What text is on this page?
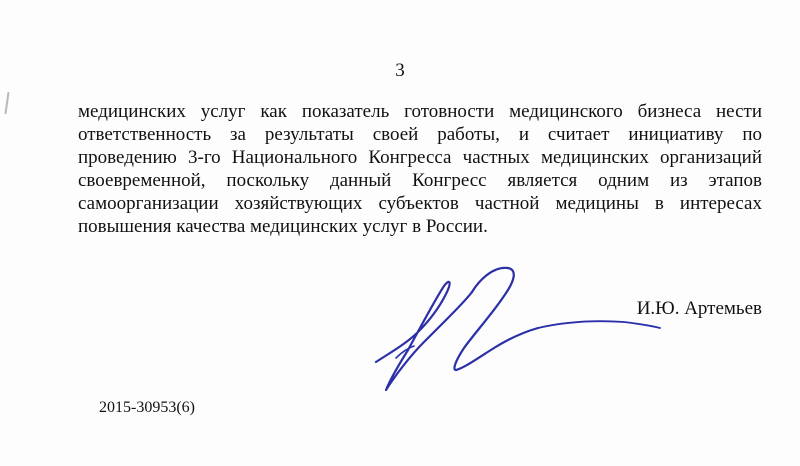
3
медицинских услуг как показатель готовности медицинского бизнеса нести
ответственность за результаты своей работы, и считает инициативу по
проведению 3-го Национального Конгресса частных медицинских организаций
своевременной, поскольку данный Конгресс является одним из этапов
самоорганизации хозяйствующих субъектов частной медицины в интересах
повышения качества медицинских услуг в России.
И.Ю. Артемьев
2015-30953(6)
